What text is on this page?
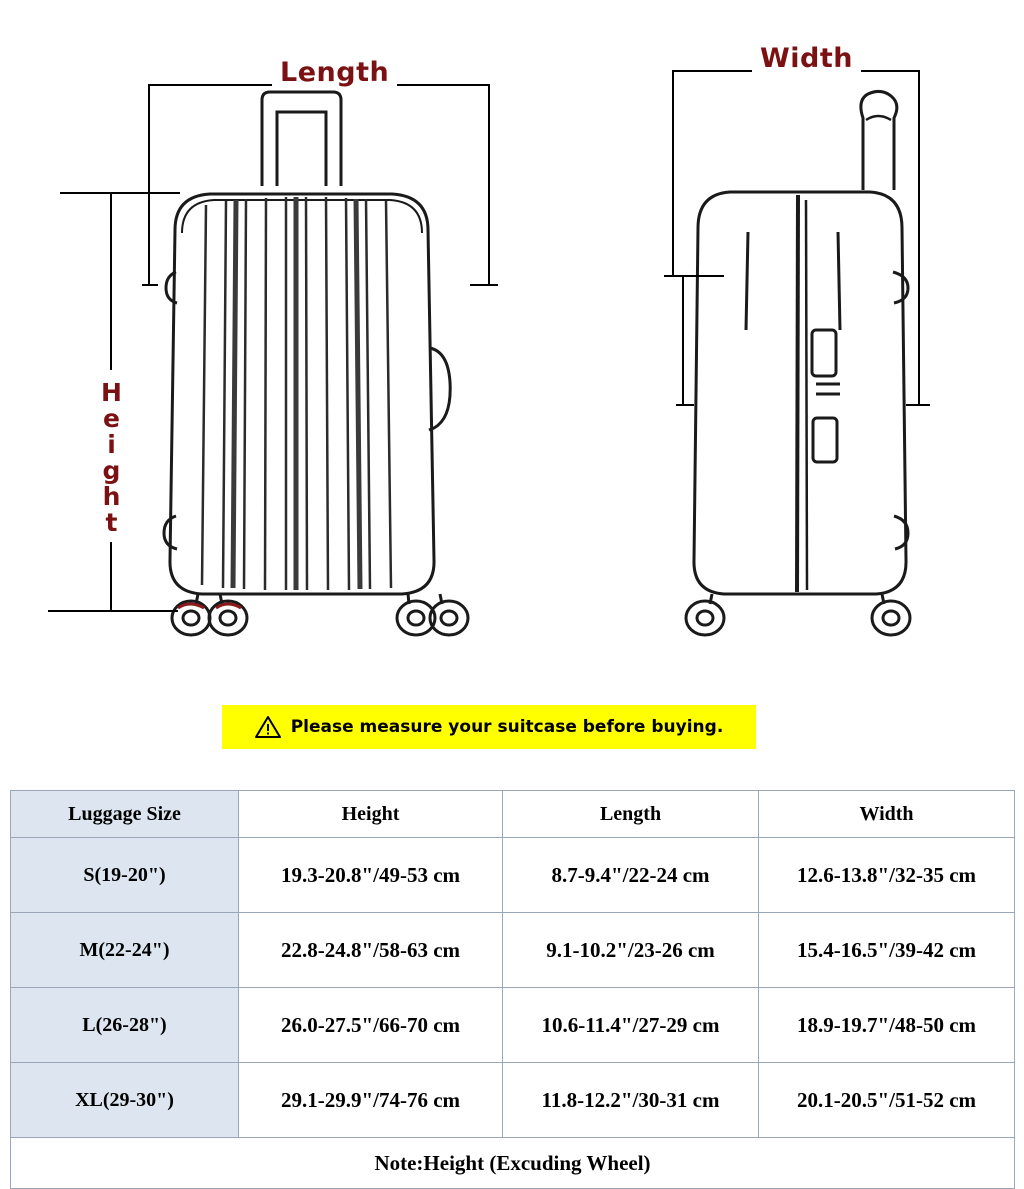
Length
Height
Width
Please measure your suitcase before buying.
Luggage Size	Height	Length	Width
S(19-20")	19.3-20.8"/49-53 cm	8.7-9.4"/22-24 cm	12.6-13.8"/32-35 cm
M(22-24")	22.8-24.8"/58-63 cm	9.1-10.2"/23-26 cm	15.4-16.5"/39-42 cm
L(26-28")	26.0-27.5"/66-70 cm	10.6-11.4"/27-29 cm	18.9-19.7"/48-50 cm
XL(29-30")	29.1-29.9"/74-76 cm	11.8-12.2"/30-31 cm	20.1-20.5"/51-52 cm
Note:Height (Excuding Wheel)			
